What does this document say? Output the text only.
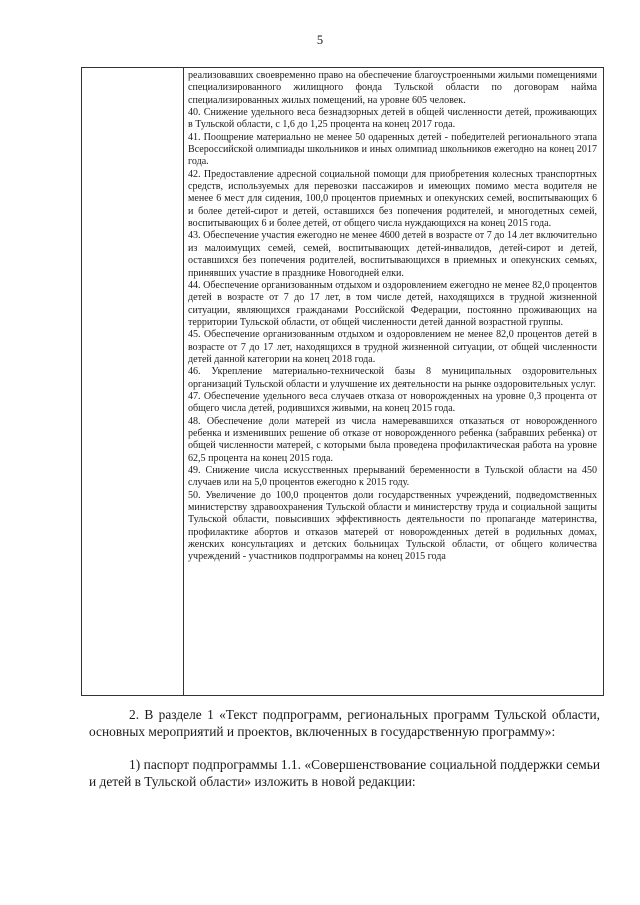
5

реализовавших своевременно право на обеспечение благоустроенными жилыми помещениями специализированного жилищного фонда Тульской области по договорам найма специализированных жилых помещений, на уровне 605 человек.

40. Снижение удельного веса безнадзорных детей в общей численности детей, проживающих в Тульской области, с 1,6 до 1,25 процента на конец 2017 года.

41. Поощрение материально не менее 50 одаренных детей - победителей регионального этапа Всероссийской олимпиады школьников и иных олимпиад школьников ежегодно на конец 2017 года.

42. Предоставление адресной социальной помощи для приобретения колесных транспортных средств, используемых для перевозки пассажиров и имеющих помимо места водителя не менее 6 мест для сидения, 100,0 процентов приемных и опекунских семей, воспитывающих 6 и более детей-сирот и детей, оставшихся без попечения родителей, и многодетных семей, воспитывающих 6 и более детей, от общего числа нуждающихся на конец 2015 года.

43. Обеспечение участия ежегодно не менее 4600 детей в возрасте от 7 до 14 лет включительно из малоимущих семей, семей, воспитывающих детей-инвалидов, детей-сирот и детей, оставшихся без попечения родителей, воспитывающихся в приемных и опекунских семьях, принявших участие в празднике Новогодней елки.

44. Обеспечение организованным отдыхом и оздоровлением ежегодно не менее 82,0 процентов детей в возрасте от 7 до 17 лет, в том числе детей, находящихся в трудной жизненной ситуации, являющихся гражданами Российской Федерации, постоянно проживающих на территории Тульской области, от общей численности детей данной возрастной группы.

45. Обеспечение организованным отдыхом и оздоровлением не менее 82,0 процентов детей в возрасте от 7 до 17 лет, находящихся в трудной жизненной ситуации, от общей численности детей данной категории на конец 2018 года.

46. Укрепление материально-технической базы 8 муниципальных оздоровительных организаций Тульской области и улучшение их деятельности на рынке оздоровительных услуг.

47. Обеспечение удельного веса случаев отказа от новорожденных на уровне 0,3 процента от общего числа детей, родившихся живыми, на конец 2015 года.

48. Обеспечение доли матерей из числа намеревавшихся отказаться от новорожденного ребенка и изменивших решение об отказе от новорожденного ребенка (забравших ребенка) от общей численности матерей, с которыми была проведена профилактическая работа на уровне 62,5 процента на конец 2015 года.

49. Снижение числа искусственных прерываний беременности в Тульской области на 450 случаев или на 5,0 процентов ежегодно к 2015 году.

50. Увеличение до 100,0 процентов доли государственных учреждений, подведомственных министерству здравоохранения Тульской области и министерству труда и социальной защиты Тульской области, повысивших эффективность деятельности по пропаганде материнства, профилактике абортов и отказов матерей от новорожденных детей в родильных домах, женских консультациях и детских больницах Тульской области, от общего количества учреждений - участников подпрограммы на конец 2015 года

2. В разделе 1 «Текст подпрограмм, региональных программ Тульской области, основных мероприятий и проектов, включенных в государственную программу»:

1) паспорт подпрограммы 1.1. «Совершенствование социальной поддержки семьи и детей в Тульской области» изложить в новой редакции:
